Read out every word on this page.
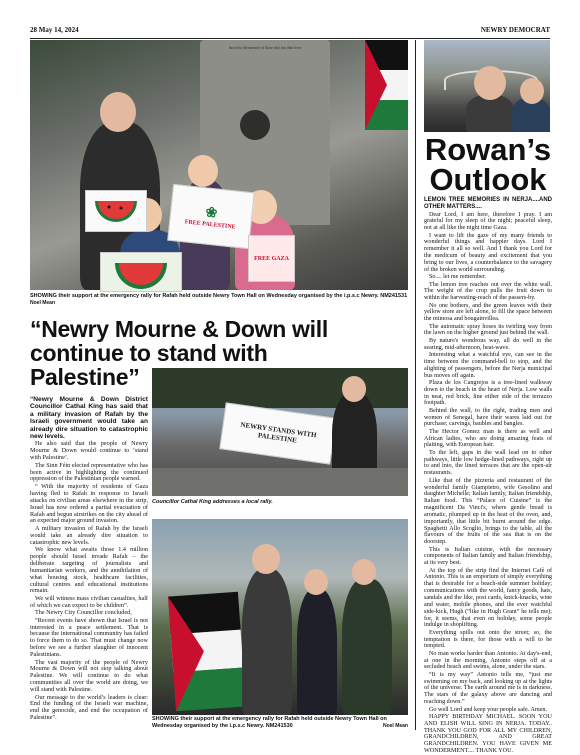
28 May 14, 2024	NEWRY DEMOCRAT
Sacred to the memory of those who lost their lives
❀
FREE PALESTINE
FREE GAZA
SHOWING their support at the emergency rally for Rafah held outside Newry Town Hall on Wednesday organised by the i.p.s.c Newry. NM241531
Noel Mean
“Newry Mourne & Down will continue to stand with Palestine”

“Newry Mourne & Down District Councillor Cathal King has said that a military invasion of Rafah by the Israeli government would take an already dire situation to catastrophic new levels.

He also said that the people of Newry Mourne & Down would continue to ‘stand with Palestine’.

The Sinn Féin elected representative who has been active in highlighting the continued oppression of the Palestinian people warned.

“ With the majority of residents of Gaza having fled to Rafah in response to Israeli attacks on civilian areas elsewhere in the strip, Israel has now ordered a partial evacuation of Rafah and begun airstrikes on the city ahead of an expected major ground invasion.

A military invasion of Rafah by the Israeli would take an already dire situation to catastrophic new levels.

We know what awaits those 1.4 million people should Israel invade Rafah – the deliberate targeting of journalists and humanitarian workers, and the annihilation of what housing stock, healthcare facilities, cultural centres and educational institutions remain.

We will witness mass civilian casualties, half of which we can expect to be children”.

The Newry City Councillor concluded,

“Recent events have shown that Israel is not interested in a peace settlement. That is because the international community has failed to force them to do so. That must change now before we see a further slaughter of innocent Palestinians.

The vast majority of the people of Newry Mourne & Down will not stop talking about Palestine. We will continue to do what communities all over the world are doing, we will stand with Palestine.

Our message to the world’s leaders is clear: End the funding of the Israeli war machine, end the genocide, and end the occupation of Palestine”.

NEWRY STANDS WITH PALESTINE
Councillor Cathal King addresses a local rally.
SHOWING their support at the emergency rally for Rafah held outside Newry Town Hall on Wednesday organised by the i.p.s.c Newry. NM241530	Noel Mean
Rowan’s
Outlook

LEMON TREE MEMORIES IN NERJA....AND OTHER MATTERS....

Dear Lord, I am here, therefore I pray. I am grateful for my sleep of the night; peaceful sleep, not at all like the night time Gaza.

I want to lift the gaze of my many friends to wonderful things and happier days. Lord I remember it all so well. And I thank you Lord for the medicum of beauty and excitement that you bring to our lives, a counterbalance to the savagery of the broken world surrounding.

So.... let me remember.

The lemon tree reaches out over the white wall. The weight of the crop pulls the fruit down to within the harvesting-reach of the passers-by.

No one bothers, and the green leaves with their yellow store are left alone, to fill the space between the mimosa and bougainvillea.

The automatic spray hoses its twirling way from the lawn on the higher ground just behind the wall.

By nature's wondrous way, all do well in the searing, mid-afternoon, heat-wave.

Interesting what a watchful eye, can see in the time between the command-bell to stop, and the alighting of passengers, before the Nerja municipal bus moves off again.

Plaza de los Cangrejos is a tree-lined walkway down to the beach in the heart of Nerja. Low walls in neat, red brick, line either side of the terrazzo footpath.

Behind the wall, to the right, trading men and women of Senegal, have their wares laid out for purchase; carvings, baubles and bangles.

The Hector Gomez man is there as well and African ladies, who are doing amazing feats of plaiting, with European hair.

To the left, gaps in the wall lead on to other pathways, little low hedge-lined pathways, right up to and into, the lined terraces that are the open-air restaurants.

Like that of the pizzeria and restaurant of the wonderful family Giampietro, wife Gesolino and daughter Michelle; Italian family, Italian friendship, Italian food. This “Palace of Cuisine” is the magnificent Da Vinci's, where gentle bread is aromatic, plumped up in the heat of the oven, and, importantly, that little bit burnt around the edge. Spaghetti Allo Scoglio, brings to the table, all the flavours of the fruits of the sea that is on the doorstep.

This is Italian cuisine, with the necessary components of Italian family and Italian friendship, at its very best.

At the top of the strip find the Internet Café of Antonio. This is an emporium of simply everything that is desirable for a beach-side summer holiday; communications with the world, fancy goods, hats, sandals and the like, post cards, knick-knacks, wine and water, mobile phones, and the ever watchful side-kick, Hugh (“like in Hugh Grant” he tells me); for, it seems, that even on holiday, some people indulge in shoplifting.

Everything spills out onto the street; so, the temptation is there, for those with a will to be tempted.

No man works harder than Antonio. At day's-end, at one in the morning, Antonio steps off at a secluded beach and swims, alone, under the stars.

“It is my way” Antonio tells me, “just me swimming on my back, and looking up at the lights of the universe. The earth around me is in darkness. The stars of the galaxy above are dancing and reaching down.”

Go well Lord and keep your people safe. Amen.

HAPPY BIRTHDAY MICHAEL. SOON YOU AND ELISH WILL SING IN NERJA. TODAY.. THANK YOU GOD FOR ALL MY CHILDREN, GRANDCHILDREN, AND GREAT GRANDCHILDREN. YOU HAVE GIVEN ME WONDERMENT.... THANK YOU.
